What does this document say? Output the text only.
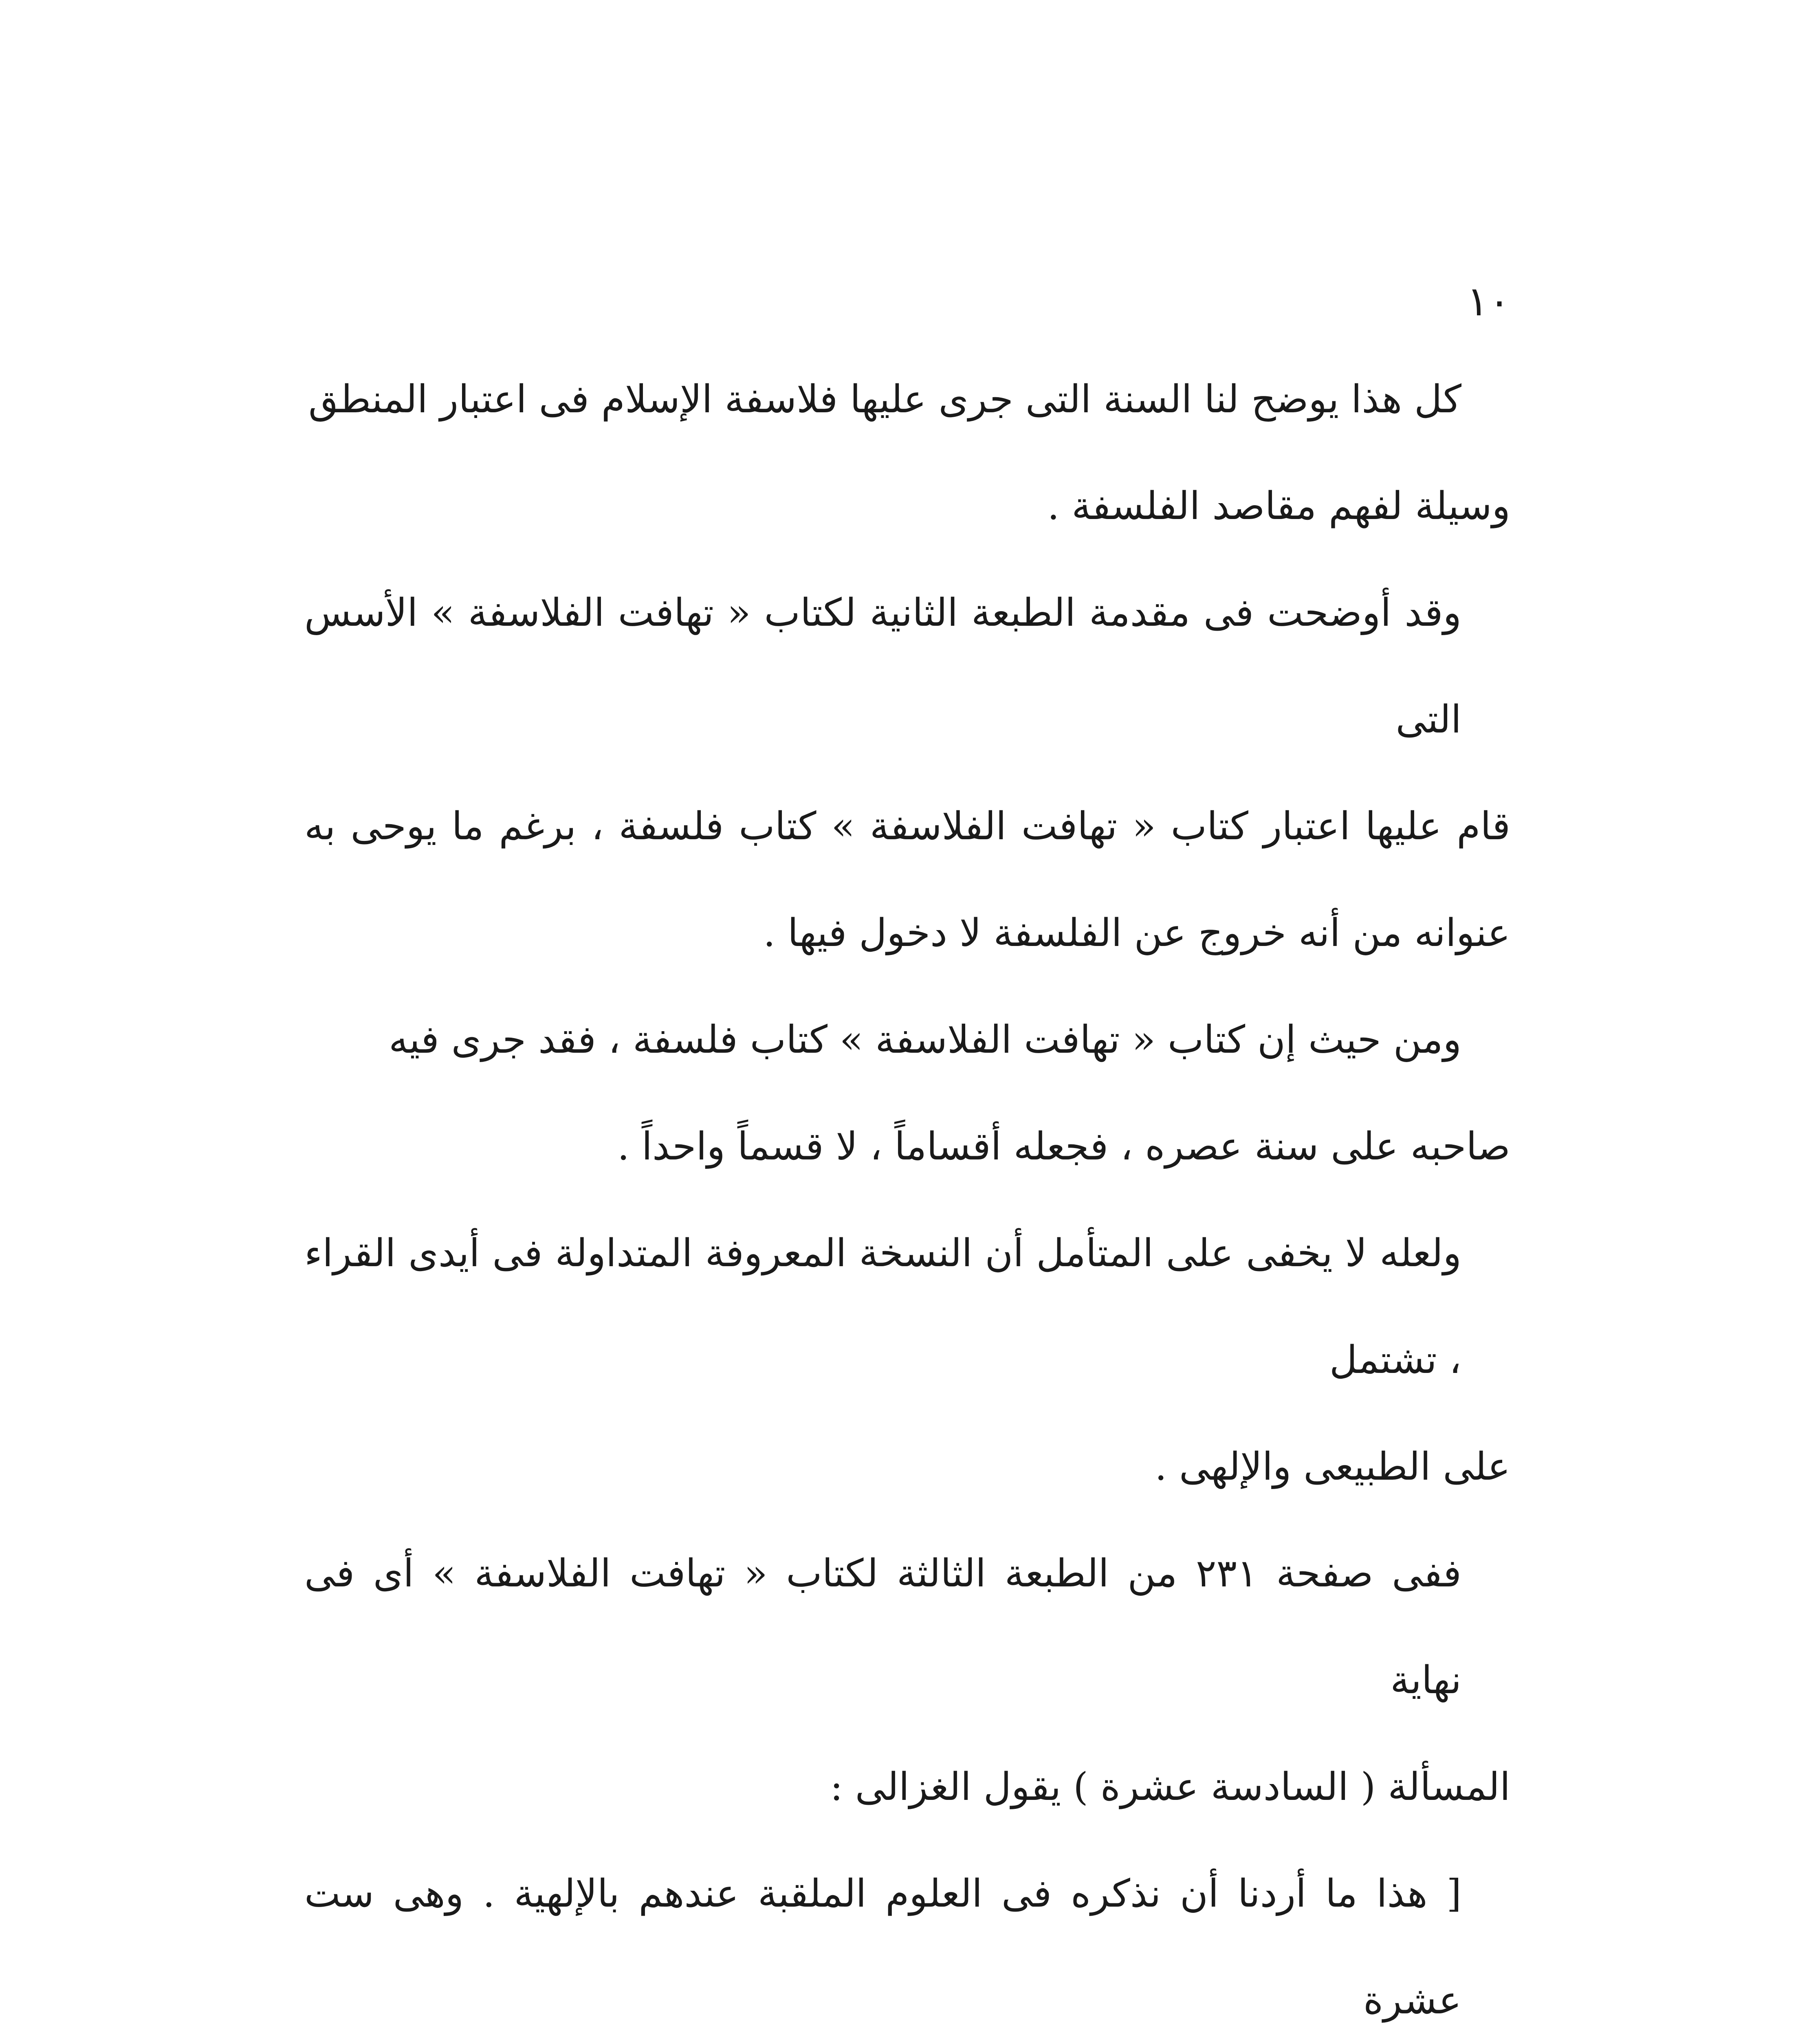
١٠

كل هذا يوضح لنا السنة التى جرى عليها فلاسفة الإسلام فى اعتبار المنطق وسيلة لفهم مقاصد الفلسفة .

وقد أوضحت فى مقدمة الطبعة الثانية لكتاب « تهافت الفلاسفة » الأسس التى قام عليها اعتبار كتاب « تهافت الفلاسفة » كتاب فلسفة ، برغم ما يوحى به عنوانه من أنه خروج عن الفلسفة لا دخول فيها .

ومن حيث إن كتاب « تهافت الفلاسفة » كتاب فلسفة ، فقد جرى فيه صاحبه على سنة عصره ، فجعله أقساماً ، لا قسماً واحداً .

ولعله لا يخفى على المتأمل أن النسخة المعروفة المتداولة فى أيدى القراء ، تشتمل على الطبيعى والإلهى .

ففى صفحة ٢٣١ من الطبعة الثالثة لكتاب « تهافت الفلاسفة » أى فى نهاية المسألة ( السادسة عشرة ) يقول الغزالى :

[ هذا ما أردنا أن نذكره فى العلوم الملقبة عندهم بالإلهية . وهى ست عشرة
